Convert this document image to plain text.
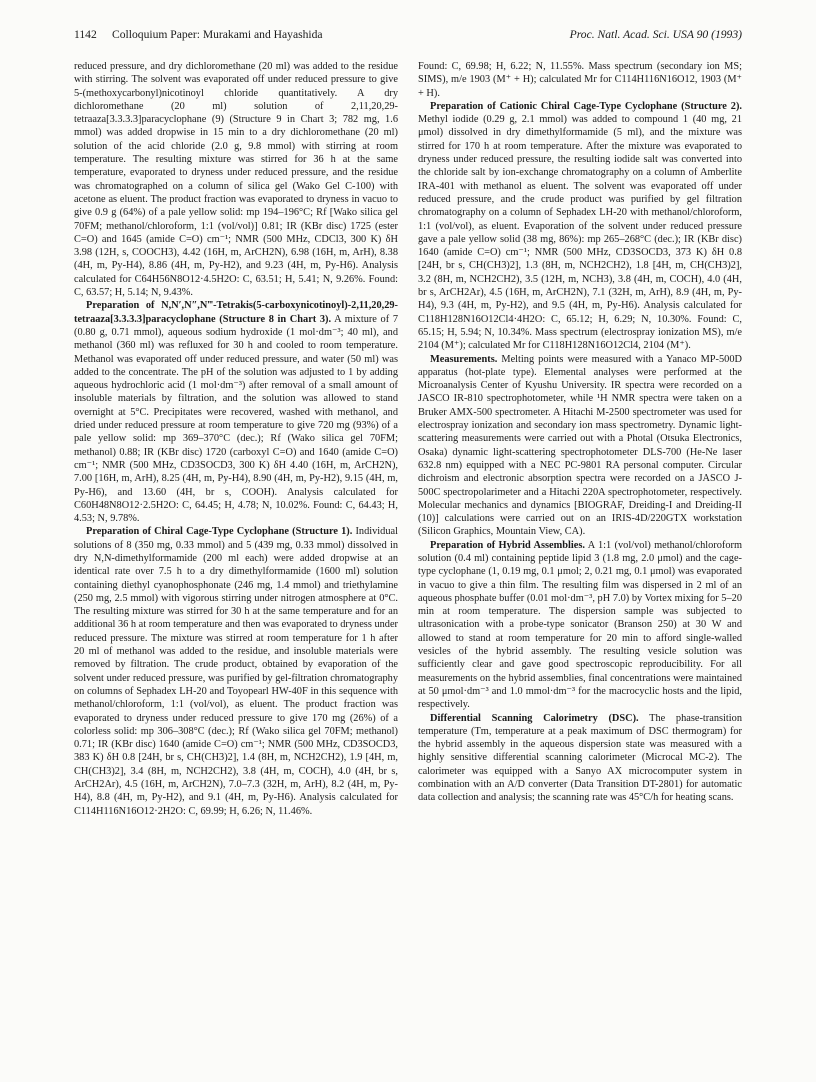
1142 Colloquium Paper: Murakami and Hayashida	Proc. Natl. Acad. Sci. USA 90 (1993)

reduced pressure, and dry dichloromethane (20 ml) was added to the residue with stirring. The solvent was evaporated off under reduced pressure to give 5-(methoxycarbonyl)nicotinoyl chloride quantitatively. A dry dichloromethane (20 ml) solution of 2,11,20,29-tetraaza[3.3.3.3]paracyclophane (9) (Structure 9 in Chart 3; 782 mg, 1.6 mmol) was added dropwise in 15 min to a dry dichloromethane (20 ml) solution of the acid chloride (2.0 g, 9.8 mmol) with stirring at room temperature. The resulting mixture was stirred for 36 h at the same temperature, evaporated to dryness under reduced pressure, and the residue was chromatographed on a column of silica gel (Wako Gel C-100) with acetone as eluent. The product fraction was evaporated to dryness in vacuo to give 0.9 g (64%) of a pale yellow solid: mp 194–196°C; Rf [Wako silica gel 70FM; methanol/chloroform, 1:1 (vol/vol)] 0.81; IR (KBr disc) 1725 (ester C=O) and 1645 (amide C=O) cm⁻¹; NMR (500 MHz, CDCl3, 300 K) δH 3.98 (12H, s, COOCH3), 4.42 (16H, m, ArCH2N), 6.98 (16H, m, ArH), 8.38 (4H, m, Py-H4), 8.86 (4H, m, Py-H2), and 9.23 (4H, m, Py-H6). Analysis calculated for C64H56N8O12·4.5H2O: C, 63.51; H, 5.41; N, 9.26%. Found: C, 63.57; H, 5.14; N, 9.43%.

Preparation of N,N′,N″,N‴-Tetrakis(5-carboxynicotinoyl)-2,11,20,29-tetraaza[3.3.3.3]paracyclophane (Structure 8 in Chart 3). A mixture of 7 (0.80 g, 0.71 mmol), aqueous sodium hydroxide (1 mol·dm⁻³; 40 ml), and methanol (360 ml) was refluxed for 30 h and cooled to room temperature. Methanol was evaporated off under reduced pressure, and water (50 ml) was added to the concentrate. The pH of the solution was adjusted to 1 by adding aqueous hydrochloric acid (1 mol·dm⁻³) after removal of a small amount of insoluble materials by filtration, and the solution was allowed to stand overnight at 5°C. Precipitates were recovered, washed with methanol, and dried under reduced pressure at room temperature to give 720 mg (93%) of a pale yellow solid: mp 369–370°C (dec.); Rf (Wako silica gel 70FM; methanol) 0.88; IR (KBr disc) 1720 (carboxyl C=O) and 1640 (amide C=O) cm⁻¹; NMR (500 MHz, CD3SOCD3, 300 K) δH 4.40 (16H, m, ArCH2N), 7.00 [16H, m, ArH), 8.25 (4H, m, Py-H4), 8.90 (4H, m, Py-H2), 9.15 (4H, m, Py-H6), and 13.60 (4H, br s, COOH). Analysis calculated for C60H48N8O12·2.5H2O: C, 64.45; H, 4.78; N, 10.02%. Found: C, 64.43; H, 4.53; N, 9.78%.

Preparation of Chiral Cage-Type Cyclophane (Structure 1). Individual solutions of 8 (350 mg, 0.33 mmol) and 5 (439 mg, 0.33 mmol) dissolved in dry N,N-dimethylformamide (200 ml each) were added dropwise at an identical rate over 7.5 h to a dry dimethylformamide (1600 ml) solution containing diethyl cyanophosphonate (246 mg, 1.4 mmol) and triethylamine (250 mg, 2.5 mmol) with vigorous stirring under nitrogen atmosphere at 0°C. The resulting mixture was stirred for 30 h at the same temperature and for an additional 36 h at room temperature and then was evaporated to dryness under reduced pressure. The mixture was stirred at room temperature for 1 h after 20 ml of methanol was added to the residue, and insoluble materials were removed by filtration. The crude product, obtained by evaporation of the solvent under reduced pressure, was purified by gel-filtration chromatography on columns of Sephadex LH-20 and Toyopearl HW-40F in this sequence with methanol/chloroform, 1:1 (vol/vol), as eluent. The product fraction was evaporated to dryness under reduced pressure to give 170 mg (26%) of a colorless solid: mp 306–308°C (dec.); Rf (Wako silica gel 70FM; methanol) 0.71; IR (KBr disc) 1640 (amide C=O) cm⁻¹; NMR (500 MHz, CD3SOCD3, 383 K) δH 0.8 [24H, br s, CH(CH3)2], 1.4 (8H, m, NCH2CH2), 1.9 [4H, m, CH(CH3)2], 3.4 (8H, m, NCH2CH2), 3.8 (4H, m, COCH), 4.0 (4H, br s, ArCH2Ar), 4.5 (16H, m, ArCH2N), 7.0–7.3 (32H, m, ArH), 8.2 (4H, m, Py-H4), 8.8 (4H, m, Py-H2), and 9.1 (4H, m, Py-H6). Analysis calculated for C114H116N16O12·2H2O: C, 69.99; H, 6.26; N, 11.46%.

Found: C, 69.98; H, 6.22; N, 11.55%. Mass spectrum (secondary ion MS; SIMS), m/e 1903 (M⁺ + H); calculated Mr for C114H116N16O12, 1903 (M⁺ + H).

Preparation of Cationic Chiral Cage-Type Cyclophane (Structure 2). Methyl iodide (0.29 g, 2.1 mmol) was added to compound 1 (40 mg, 21 μmol) dissolved in dry dimethylformamide (5 ml), and the mixture was stirred for 170 h at room temperature. After the mixture was evaporated to dryness under reduced pressure, the resulting iodide salt was converted into the chloride salt by ion-exchange chromatography on a column of Amberlite IRA-401 with methanol as eluent. The solvent was evaporated off under reduced pressure, and the crude product was purified by gel filtration chromatography on a column of Sephadex LH-20 with methanol/chloroform, 1:1 (vol/vol), as eluent. Evaporation of the solvent under reduced pressure gave a pale yellow solid (38 mg, 86%): mp 265–268°C (dec.); IR (KBr disc) 1640 (amide C=O) cm⁻¹; NMR (500 MHz, CD3SOCD3, 373 K) δH 0.8 [24H, br s, CH(CH3)2], 1.3 (8H, m, NCH2CH2), 1.8 [4H, m, CH(CH3)2], 3.2 (8H, m, NCH2CH2), 3.5 (12H, m, NCH3), 3.8 (4H, m, COCH), 4.0 (4H, br s, ArCH2Ar), 4.5 (16H, m, ArCH2N), 7.1 (32H, m, ArH), 8.9 (4H, m, Py-H4), 9.3 (4H, m, Py-H2), and 9.5 (4H, m, Py-H6). Analysis calculated for C118H128N16O12Cl4·4H2O: C, 65.12; H, 6.29; N, 10.30%. Found: C, 65.15; H, 5.94; N, 10.34%. Mass spectrum (electrospray ionization MS), m/e 2104 (M⁺); calculated Mr for C118H128N16O12Cl4, 2104 (M⁺).

Measurements. Melting points were measured with a Yanaco MP-500D apparatus (hot-plate type). Elemental analyses were performed at the Microanalysis Center of Kyushu University. IR spectra were recorded on a JASCO IR-810 spectrophotometer, while ¹H NMR spectra were taken on a Bruker AMX-500 spectrometer. A Hitachi M-2500 spectrometer was used for electrospray ionization and secondary ion mass spectrometry. Dynamic light-scattering measurements were carried out with a Photal (Otsuka Electronics, Osaka) dynamic light-scattering spectrophotometer DLS-700 (He-Ne laser 632.8 nm) equipped with a NEC PC-9801 RA personal computer. Circular dichroism and electronic absorption spectra were recorded on a JASCO J-500C spectropolarimeter and a Hitachi 220A spectrophotometer, respectively. Molecular mechanics and dynamics [BIOGRAF, Dreiding-I and Dreiding-II (10)] calculations were carried out on an IRIS-4D/220GTX workstation (Silicon Graphics, Mountain View, CA).

Preparation of Hybrid Assemblies. A 1:1 (vol/vol) methanol/chloroform solution (0.4 ml) containing peptide lipid 3 (1.8 mg, 2.0 μmol) and the cage-type cyclophane (1, 0.19 mg, 0.1 μmol; 2, 0.21 mg, 0.1 μmol) was evaporated in vacuo to give a thin film. The resulting film was dispersed in 2 ml of an aqueous phosphate buffer (0.01 mol·dm⁻³, pH 7.0) by Vortex mixing for 5–20 min at room temperature. The dispersion sample was subjected to ultrasonication with a probe-type sonicator (Branson 250) at 30 W and allowed to stand at room temperature for 20 min to afford single-walled vesicles of the hybrid assembly. The resulting vesicle solution was sufficiently clear and gave good spectroscopic reproducibility. For all measurements on the hybrid assemblies, final concentrations were maintained at 50 μmol·dm⁻³ and 1.0 mmol·dm⁻³ for the macrocyclic hosts and the lipid, respectively.

Differential Scanning Calorimetry (DSC). The phase-transition temperature (Tm, temperature at a peak maximum of DSC thermogram) for the hybrid assembly in the aqueous dispersion state was measured with a highly sensitive differential scanning calorimeter (Microcal MC-2). The calorimeter was equipped with a Sanyo AX microcomputer system in combination with an A/D converter (Data Transition DT-2801) for automatic data collection and analysis; the scanning rate was 45°C/h for heating scans.
